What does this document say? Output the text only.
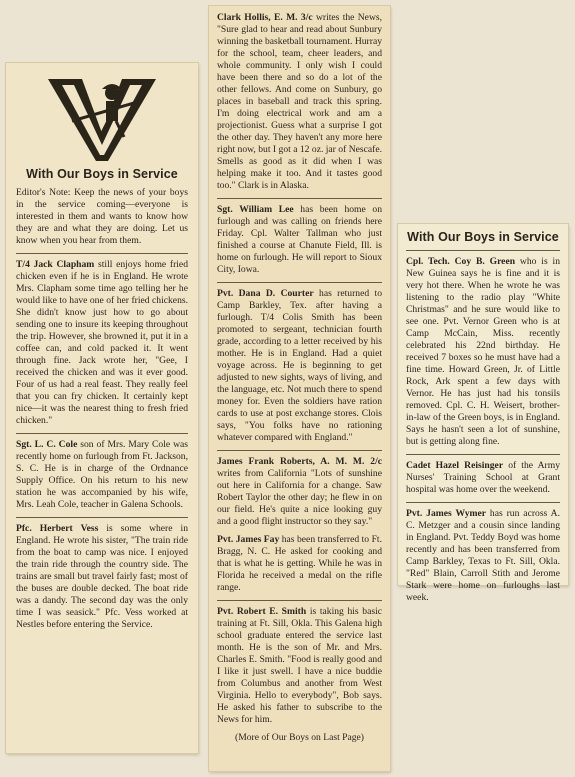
With Our Boys in Service

Editor's Note: Keep the news of your boys in the service coming—everyone is interested in them and wants to know how they are and what they are doing. Let us know when you hear from them.

T/4 Jack Clapham still enjoys home fried chicken even if he is in England. He wrote Mrs. Clapham some time ago telling her he would like to have one of her fried chickens. She didn't know just how to go about sending one to insure its keeping throughout the trip. However, she browned it, put it in a coffee can, and cold packed it. It went through fine. Jack wrote her, "Gee, I received the chicken and was it ever good. Four of us had a real feast. They really feel that you can fry chicken. It certainly kept nice—it was the nearest thing to fresh fried chicken."

Sgt. L. C. Cole son of Mrs. Mary Cole was recently home on furlough from Ft. Jackson, S. C. He is in charge of the Ordnance Supply Office. On his return to his new station he was accompanied by his wife, Mrs. Leah Cole, teacher in Galena Schools.

Pfc. Herbert Vess is some where in England. He wrote his sister, "The train ride from the boat to camp was nice. I enjoyed the train ride through the country side. The trains are small but travel fairly fast; most of the buses are double decked. The boat ride was a dandy. The second day was the only time I was seasick." Pfc. Vess worked at Nestles before entering the Service.

Clark Hollis, E. M. 3/c writes the News, "Sure glad to hear and read about Sunbury winning the basketball tournament. Hurray for the school, team, cheer leaders, and whole community. I only wish I could have been there and so do a lot of the other fellows. And come on Sunbury, go places in baseball and track this spring. I'm doing electrical work and am a projectionist. Guess what a surprise I got the other day. They haven't any more here right now, but I got a 12 oz. jar of Nescafe. Smells as good as it did when I was helping make it too. And it tastes good too." Clark is in Alaska.

Sgt. William Lee has been home on furlough and was calling on friends here Friday. Cpl. Walter Tallman who just finished a course at Chanute Field, Ill. is home on furlough. He will report to Sioux City, Iowa.

Pvt. Dana D. Courter has returned to Camp Barkley, Tex. after having a furlough. T/4 Colis Smith has been promoted to sergeant, technician fourth grade, according to a letter received by his mother. He is in England. Had a quiet voyage across. He is beginning to get adjusted to new sights, ways of living, and the language, etc. Not much there to spend money for. Even the soldiers have ration cards to use at post exchange stores. Clois says, "You folks have no rationing whatever compared with England."

James Frank Roberts, A. M. M. 2/c writes from California "Lots of sunshine out here in California for a change. Saw Robert Taylor the other day; he flew in on our field. He's quite a nice looking guy and a good flight instructor so they say."

Pvt. James Fay has been transferred to Ft. Bragg, N. C. He asked for cooking and that is what he is getting. While he was in Florida he received a medal on the rifle range.

Pvt. Robert E. Smith is taking his basic training at Ft. Sill, Okla. This Galena high school graduate entered the service last month. He is the son of Mr. and Mrs. Charles E. Smith. "Food is really good and I like it just swell. I have a nice buddie from Columbus and another from West Virginia. Hello to everybody", Bob says. He asked his father to subscribe to the News for him.

(More of Our Boys on Last Page)
With Our Boys in Service

Cpl. Tech. Coy B. Green who is in New Guinea says he is fine and it is very hot there. When he wrote he was listening to the radio play "White Christmas" and he sure would like to see one. Pvt. Vernor Green who is at Camp McCain, Miss. recently celebrated his 22nd birthday. He received 7 boxes so he must have had a fine time. Howard Green, Jr. of Little Rock, Ark spent a few days with Vernor. He has just had his tonsils removed. Cpl. C. H. Weisert, brother-in-law of the Green boys, is in England. Says he hasn't seen a lot of sunshine, but is getting along fine.

Cadet Hazel Reisinger of the Army Nurses' Training School at Grant hospital was home over the weekend.

Pvt. James Wymer has run across A. C. Metzger and a cousin since landing in England. Pvt. Teddy Boyd was home recently and has been transferred from Camp Barkley, Texas to Ft. Sill, Okla. "Red" Blain, Carroll Stith and Jerome Stark were home on furloughs last week.
